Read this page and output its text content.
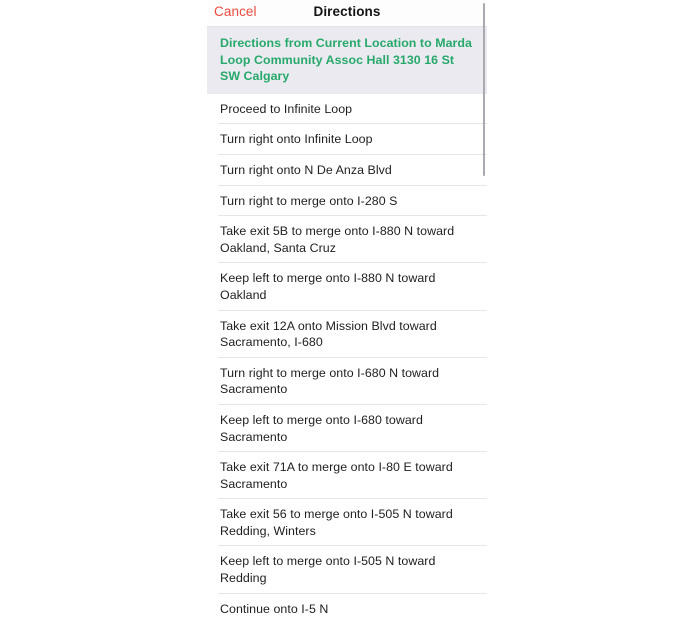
Cancel	Directions

Directions from Current Location to Marda Loop Community Assoc Hall 3130 16 St SW Calgary

Proceed to Infinite Loop

Turn right onto Infinite Loop

Turn right onto N De Anza Blvd

Turn right to merge onto I-280 S

Take exit 5B to merge onto I-880 N toward Oakland, Santa Cruz

Keep left to merge onto I-880 N toward Oakland

Take exit 12A onto Mission Blvd toward Sacramento, I-680

Turn right to merge onto I-680 N toward Sacramento

Keep left to merge onto I-680 toward Sacramento

Take exit 71A to merge onto I-80 E toward Sacramento

Take exit 56 to merge onto I-505 N toward Redding, Winters

Keep left to merge onto I-505 N toward Redding

Continue onto I-5 N
